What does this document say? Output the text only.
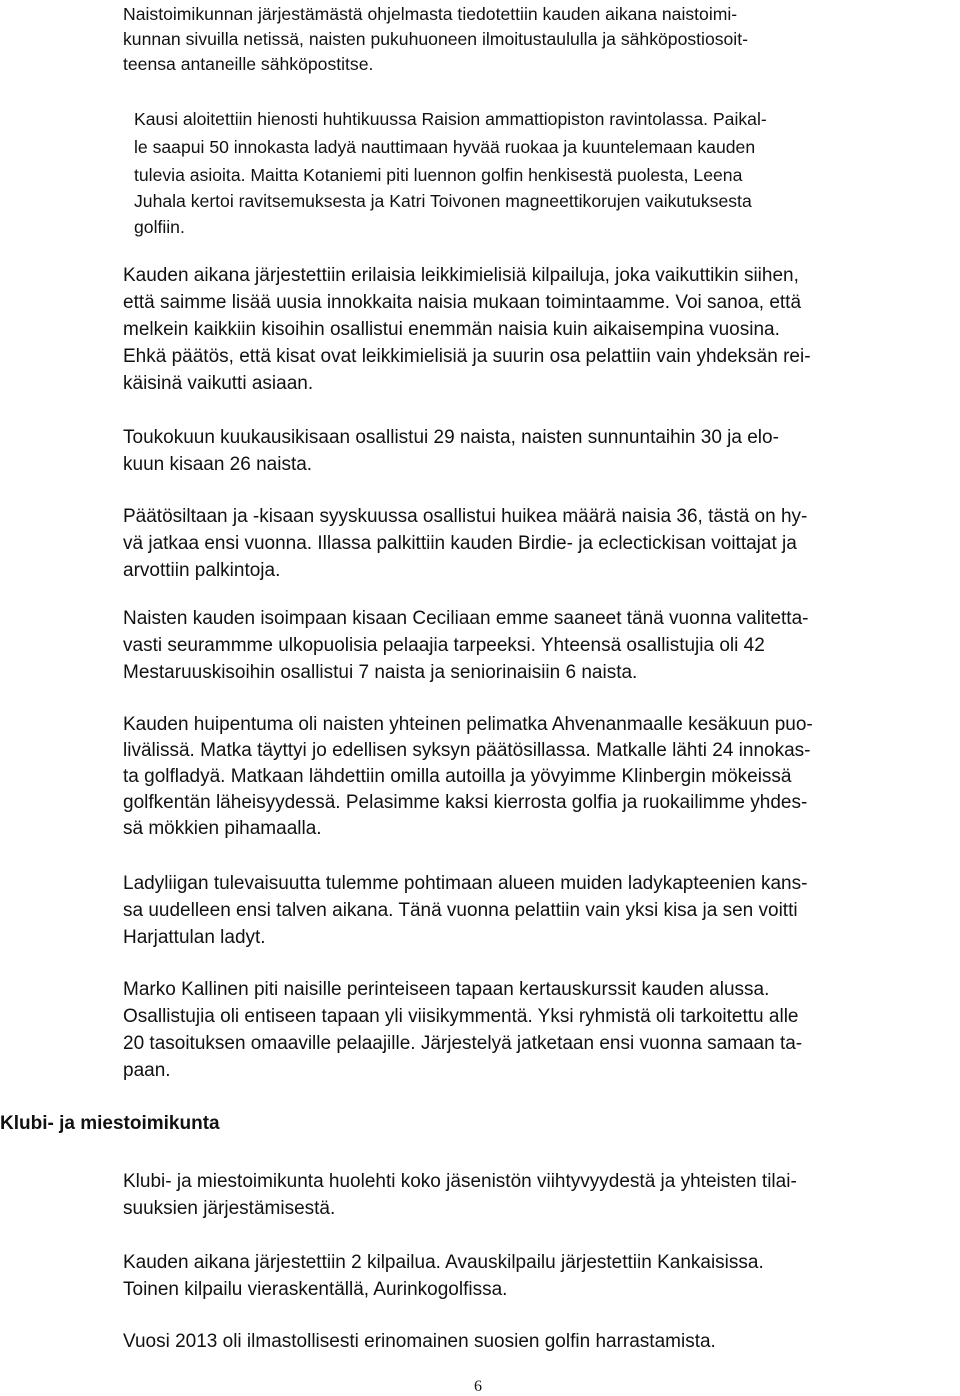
Naistoimikunnan järjestämästä ohjelmasta tiedotettiin kauden aikana naistoimi-
kunnan sivuilla netissä, naisten pukuhuoneen ilmoitustaululla ja sähköpostiosoit-
teensa antaneille sähköpostitse.
Kausi aloitettiin hienosti huhtikuussa Raision ammattiopiston ravintolassa. Paikal-
le saapui 50 innokasta ladyä nauttimaan hyvää ruokaa ja kuuntelemaan kauden
tulevia asioita. Maitta Kotaniemi piti luennon golfin henkisestä puolesta, Leena
Juhala kertoi ravitsemuksesta ja Katri Toivonen magneettikorujen vaikutuksesta
golfiin.
Kauden aikana järjestettiin erilaisia leikkimielisiä kilpailuja, joka vaikuttikin siihen,
että saimme lisää uusia innokkaita naisia mukaan toimintaamme. Voi sanoa, että
melkein kaikkiin kisoihin osallistui enemmän naisia kuin aikaisempina vuosina.
Ehkä päätös, että kisat ovat leikkimielisiä ja suurin osa pelattiin vain yhdeksän rei-
käisinä vaikutti asiaan.
Toukokuun kuukausikisaan osallistui 29 naista, naisten sunnuntaihin 30 ja elo-
kuun kisaan 26 naista.
Päätösiltaan ja -kisaan syyskuussa osallistui huikea määrä naisia 36, tästä on hy-
vä jatkaa ensi vuonna. Illassa palkittiin kauden Birdie- ja eclectickisan voittajat ja
arvottiin palkintoja.
Naisten kauden isoimpaan kisaan Ceciliaan emme saaneet tänä vuonna valitetta-
vasti seurammme ulkopuolisia pelaajia tarpeeksi. Yhteensä osallistujia oli 42
Mestaruuskisoihin osallistui 7 naista ja seniorinaisiin 6 naista.
Kauden huipentuma oli naisten yhteinen pelimatka Ahvenanmaalle kesäkuun puo-
livälissä. Matka täyttyi jo edellisen syksyn päätösillassa. Matkalle lähti 24 innokas-
ta golfladyä. Matkaan lähdettiin omilla autoilla ja yövyimme Klinbergin mökeissä
golfkentän läheisyydessä. Pelasimme kaksi kierrosta golfia ja ruokailimme yhdes-
sä mökkien pihamaalla.
Ladyliigan tulevaisuutta tulemme pohtimaan alueen muiden ladykapteenien kans-
sa uudelleen ensi talven aikana. Tänä vuonna pelattiin vain yksi kisa ja sen voitti
Harjattulan ladyt.
Marko Kallinen piti naisille perinteiseen tapaan kertauskurssit kauden alussa.
Osallistujia oli entiseen tapaan yli viisikymmentä. Yksi ryhmistä oli tarkoitettu alle
20 tasoituksen omaaville pelaajille. Järjestelyä jatketaan ensi vuonna samaan ta-
paan.
Klubi- ja miestoimikunta
Klubi- ja miestoimikunta huolehti koko jäsenistön viihtyvyydestä ja yhteisten tilai-
suuksien järjestämisestä.
Kauden aikana järjestettiin 2 kilpailua. Avauskilpailu järjestettiin Kankaisissa.
Toinen kilpailu vieraskentällä, Aurinkogolfissa.
Vuosi 2013 oli ilmastollisesti erinomainen suosien golfin harrastamista.
6
